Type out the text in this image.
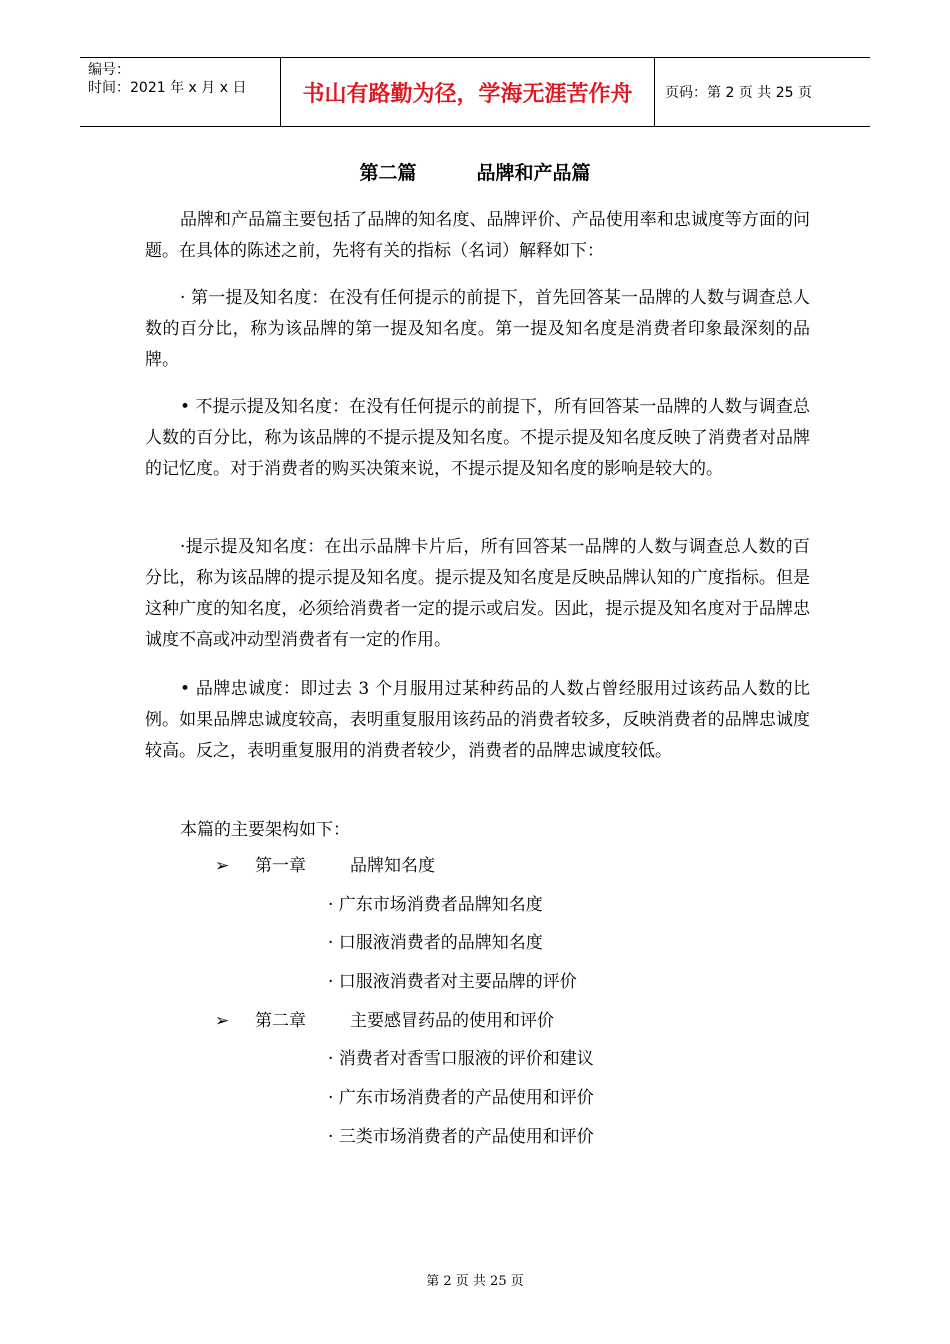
编号：
时间：2021 年 x 月 x 日	书山有路勤为径，学海无涯苦作舟	页码：第 2 页 共 25 页
第二篇	品牌和产品篇

品牌和产品篇主要包括了品牌的知名度、品牌评价、产品使用率和忠诚度等方面的问题。在具体的陈述之前，先将有关的指标（名词）解释如下：

· 第一提及知名度：在没有任何提示的前提下，首先回答某一品牌的人数与调查总人数的百分比，称为该品牌的第一提及知名度。第一提及知名度是消费者印象最深刻的品牌。

• 不提示提及知名度：在没有任何提示的前提下，所有回答某一品牌的人数与调查总人数的百分比，称为该品牌的不提示提及知名度。不提示提及知名度反映了消费者对品牌的记忆度。对于消费者的购买决策来说，不提示提及知名度的影响是较大的。

·提示提及知名度：在出示品牌卡片后，所有回答某一品牌的人数与调查总人数的百分比，称为该品牌的提示提及知名度。提示提及知名度是反映品牌认知的广度指标。但是这种广度的知名度，必须给消费者一定的提示或启发。因此，提示提及知名度对于品牌忠诚度不高或冲动型消费者有一定的作用。

• 品牌忠诚度：即过去 3 个月服用过某种药品的人数占曾经服用过该药品人数的比例。如果品牌忠诚度较高，表明重复服用该药品的消费者较多，反映消费者的品牌忠诚度较高。反之，表明重复服用的消费者较少，消费者的品牌忠诚度较低。

本篇的主要架构如下：

➢ 第一章	品牌知名度
· 广东市场消费者品牌知名度
· 口服液消费者的品牌知名度
· 口服液消费者对主要品牌的评价
➢ 第二章	主要感冒药品的使用和评价
· 消费者对香雪口服液的评价和建议
· 广东市场消费者的产品使用和评价
· 三类市场消费者的产品使用和评价
第 2 页 共 25 页
